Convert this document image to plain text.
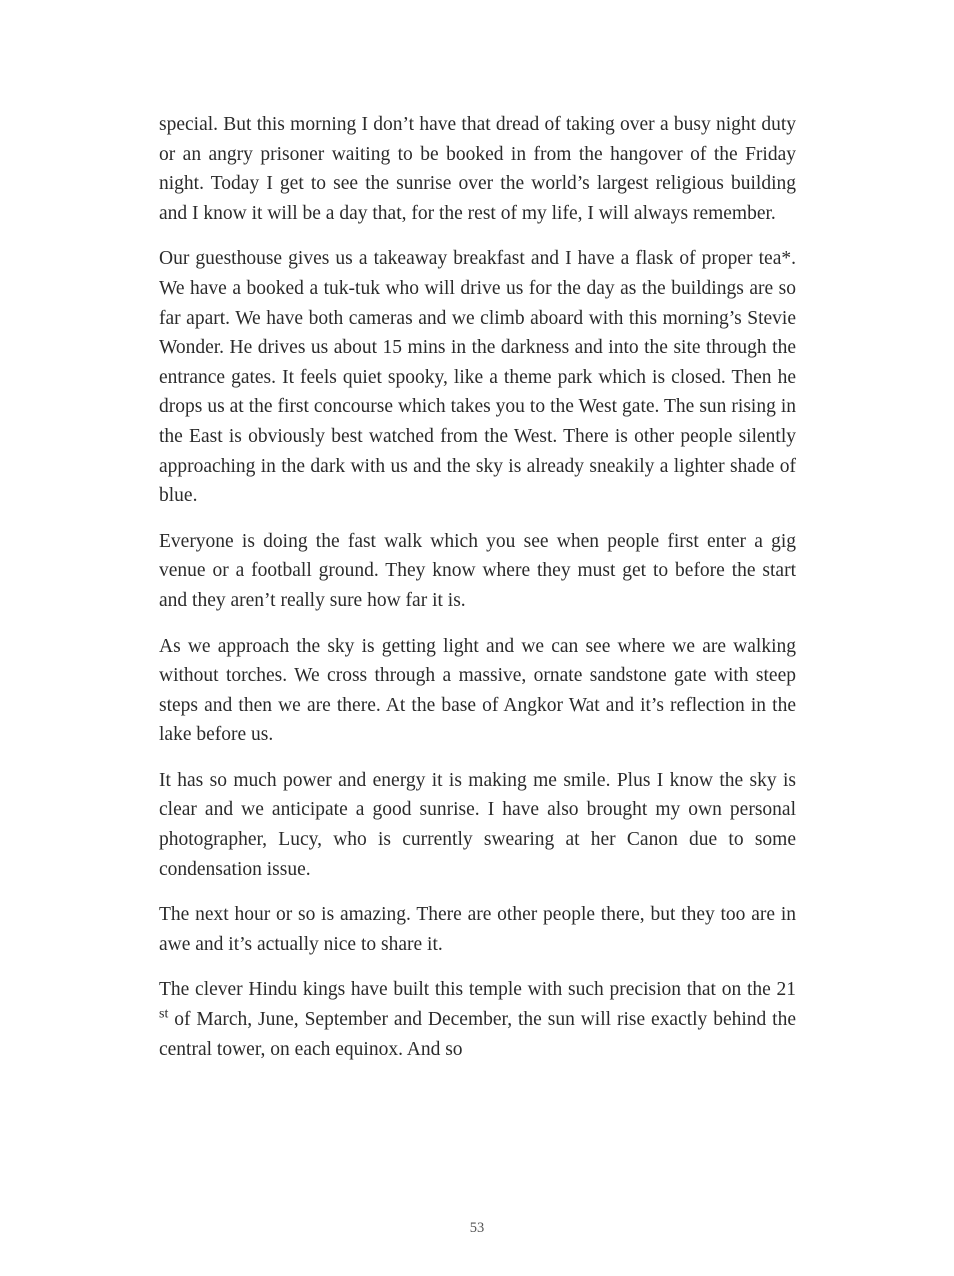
special. But this morning I don’t have that dread of taking over a busy night duty or an angry prisoner waiting to be booked in from the hangover of the Friday night. Today I get to see the sunrise over the world’s largest religious building and I know it will be a day that, for the rest of my life, I will always remember.

Our guesthouse gives us a takeaway breakfast and I have a flask of proper tea*. We have a booked a tuk-tuk who will drive us for the day as the buildings are so far apart. We have both cameras and we climb aboard with this morning’s Stevie Wonder. He drives us about 15 mins in the darkness and into the site through the entrance gates. It feels quiet spooky, like a theme park which is closed. Then he drops us at the first concourse which takes you to the West gate. The sun rising in the East is obviously best watched from the West. There is other people silently approaching in the dark with us and the sky is already sneakily a lighter shade of blue.

Everyone is doing the fast walk which you see when people first enter a gig venue or a football ground. They know where they must get to before the start and they aren’t really sure how far it is.

As we approach the sky is getting light and we can see where we are walking without torches. We cross through a massive, ornate sandstone gate with steep steps and then we are there. At the base of Angkor Wat and it’s reflection in the lake before us.

It has so much power and energy it is making me smile. Plus I know the sky is clear and we anticipate a good sunrise. I have also brought my own personal photographer, Lucy, who is currently swearing at her Canon due to some condensation issue.

The next hour or so is amazing. There are other people there, but they too are in awe and it’s actually nice to share it.

The clever Hindu kings have built this temple with such precision that on the 21 $^{st}$ of March, June, September and December, the sun will rise exactly behind the central tower, on each equinox. And so

53
